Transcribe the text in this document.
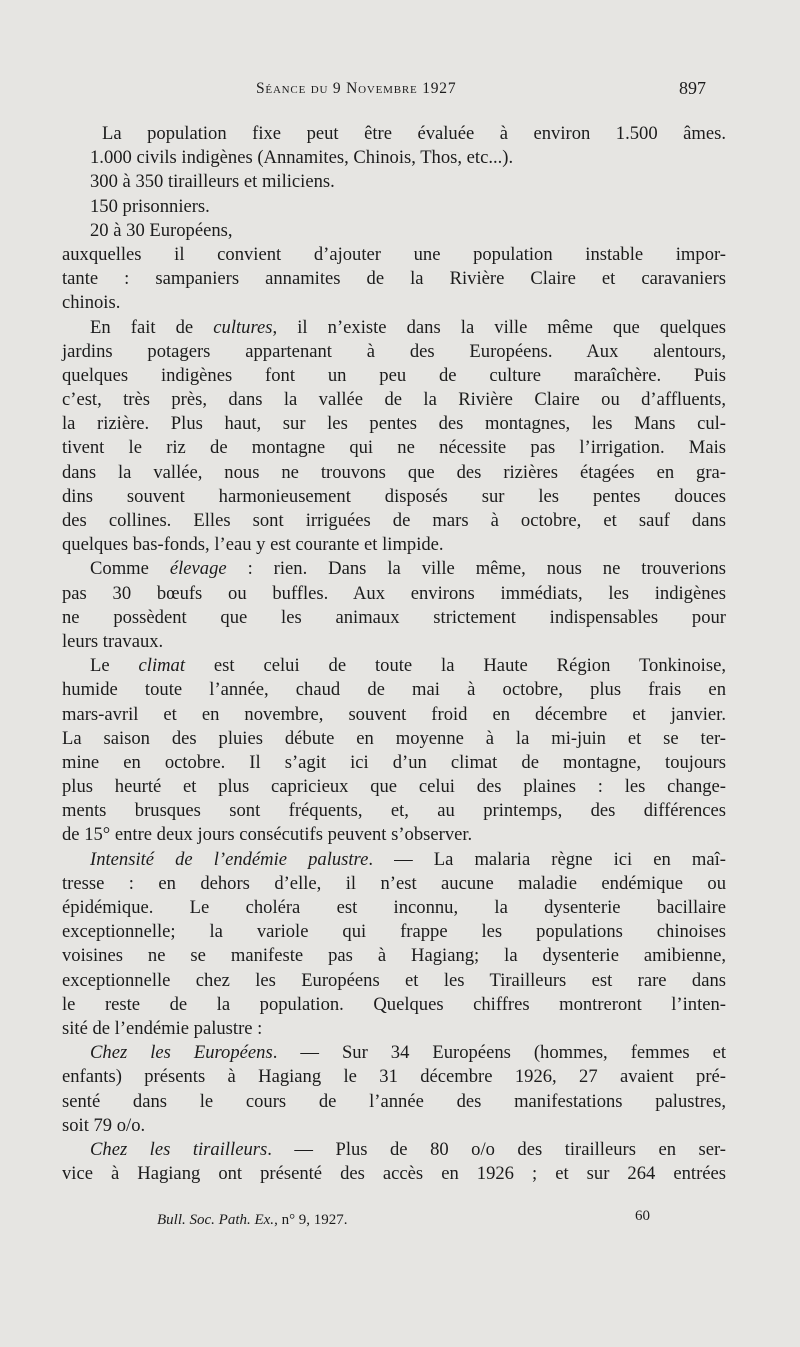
Séance du 9 Novembre 1927	897
La population fixe peut être évaluée à environ 1.500 âmes.
1.000 civils indigènes (Annamites, Chinois, Thos, etc...).
300 à 350 tirailleurs et miliciens.
150 prisonniers.
20 à 30 Européens,
auxquelles il convient d’ajouter une population instable impor-
tante : sampaniers annamites de la Rivière Claire et caravaniers
chinois.
En fait de cultures, il n’existe dans la ville même que quelques
jardins potagers appartenant à des Européens. Aux alentours,
quelques indigènes font un peu de culture maraîchère. Puis
c’est, très près, dans la vallée de la Rivière Claire ou d’affluents,
la rizière. Plus haut, sur les pentes des montagnes, les Mans cul-
tivent le riz de montagne qui ne nécessite pas l’irrigation. Mais
dans la vallée, nous ne trouvons que des rizières étagées en gra-
dins souvent harmonieusement disposés sur les pentes douces
des collines. Elles sont irriguées de mars à octobre, et sauf dans
quelques bas-fonds, l’eau y est courante et limpide.
Comme élevage : rien. Dans la ville même, nous ne trouverions
pas 30 bœufs ou buffles. Aux environs immédiats, les indigènes
ne possèdent que les animaux strictement indispensables pour
leurs travaux.
Le climat est celui de toute la Haute Région Tonkinoise,
humide toute l’année, chaud de mai à octobre, plus frais en
mars-avril et en novembre, souvent froid en décembre et janvier.
La saison des pluies débute en moyenne à la mi-juin et se ter-
mine en octobre. Il s’agit ici d’un climat de montagne, toujours
plus heurté et plus capricieux que celui des plaines : les change-
ments brusques sont fréquents, et, au printemps, des différences
de 15° entre deux jours consécutifs peuvent s’observer.
Intensité de l’endémie palustre. — La malaria règne ici en maî-
tresse : en dehors d’elle, il n’est aucune maladie endémique ou
épidémique. Le choléra est inconnu, la dysenterie bacillaire
exceptionnelle; la variole qui frappe les populations chinoises
voisines ne se manifeste pas à Hagiang; la dysenterie amibienne,
exceptionnelle chez les Européens et les Tirailleurs est rare dans
le reste de la population. Quelques chiffres montreront l’inten-
sité de l’endémie palustre :
Chez les Européens. — Sur 34 Européens (hommes, femmes et
enfants) présents à Hagiang le 31 décembre 1926, 27 avaient pré-
senté dans le cours de l’année des manifestations palustres,
soit 79 o/o.
Chez les tirailleurs. — Plus de 80 o/o des tirailleurs en ser-
vice à Hagiang ont présenté des accès en 1926 ; et sur 264 entrées
Bull. Soc. Path. Ex., n° 9, 1927.	60
